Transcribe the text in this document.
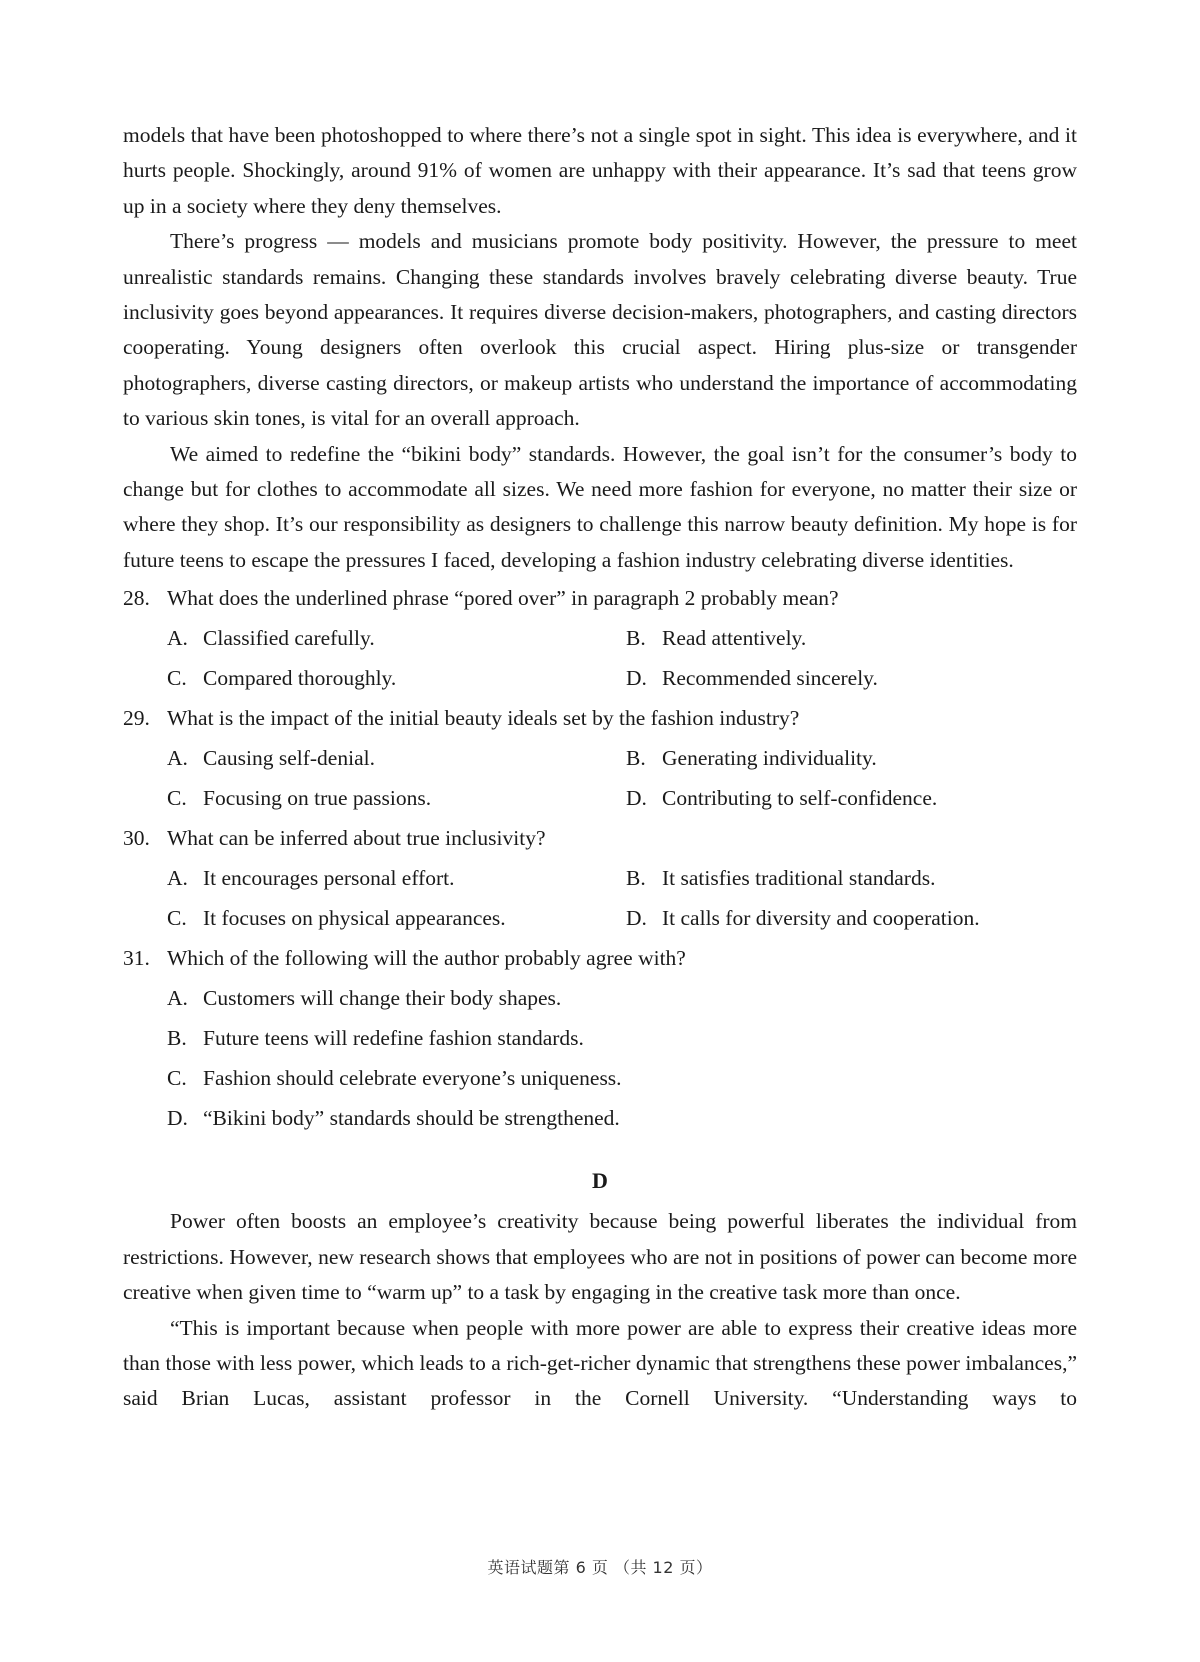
models that have been photoshopped to where there’s not a single spot in sight. This idea is everywhere, and it hurts people. Shockingly, around 91% of women are unhappy with their appearance. It’s sad that teens grow up in a society where they deny themselves.

There’s progress — models and musicians promote body positivity. However, the pressure to meet unrealistic standards remains. Changing these standards involves bravely celebrating diverse beauty. True inclusivity goes beyond appearances. It requires diverse decision-makers, photographers, and casting directors cooperating. Young designers often overlook this crucial aspect. Hiring plus-size or transgender photographers, diverse casting directors, or makeup artists who understand the importance of accommodating to various skin tones, is vital for an overall approach.

We aimed to redefine the “bikini body” standards. However, the goal isn’t for the consumer’s body to change but for clothes to accommodate all sizes. We need more fashion for everyone, no matter their size or where they shop. It’s our responsibility as designers to challenge this narrow beauty definition. My hope is for future teens to escape the pressures I faced, developing a fashion industry celebrating diverse identities.

28. What does the underlined phrase “pored over” in paragraph 2 probably mean?
A. Classified carefully.	B. Read attentively.
C. Compared thoroughly.	D. Recommended sincerely.
29. What is the impact of the initial beauty ideals set by the fashion industry?
A. Causing self-denial.	B. Generating individuality.
C. Focusing on true passions.	D. Contributing to self-confidence.
30. What can be inferred about true inclusivity?
A. It encourages personal effort.	B. It satisfies traditional standards.
C. It focuses on physical appearances.	D. It calls for diversity and cooperation.
31. Which of the following will the author probably agree with?
A. Customers will change their body shapes.
B. Future teens will redefine fashion standards.
C. Fashion should celebrate everyone’s uniqueness.
D. “Bikini body” standards should be strengthened.
D

Power often boosts an employee’s creativity because being powerful liberates the individual from restrictions. However, new research shows that employees who are not in positions of power can become more creative when given time to “warm up” to a task by engaging in the creative task more than once.

“This is important because when people with more power are able to express their creative ideas more than those with less power, which leads to a rich-get-richer dynamic that strengthens these power imbalances,” said Brian Lucas, assistant professor in the Cornell University. “Understanding ways to

英语试题第 6 页 （共 12 页）
